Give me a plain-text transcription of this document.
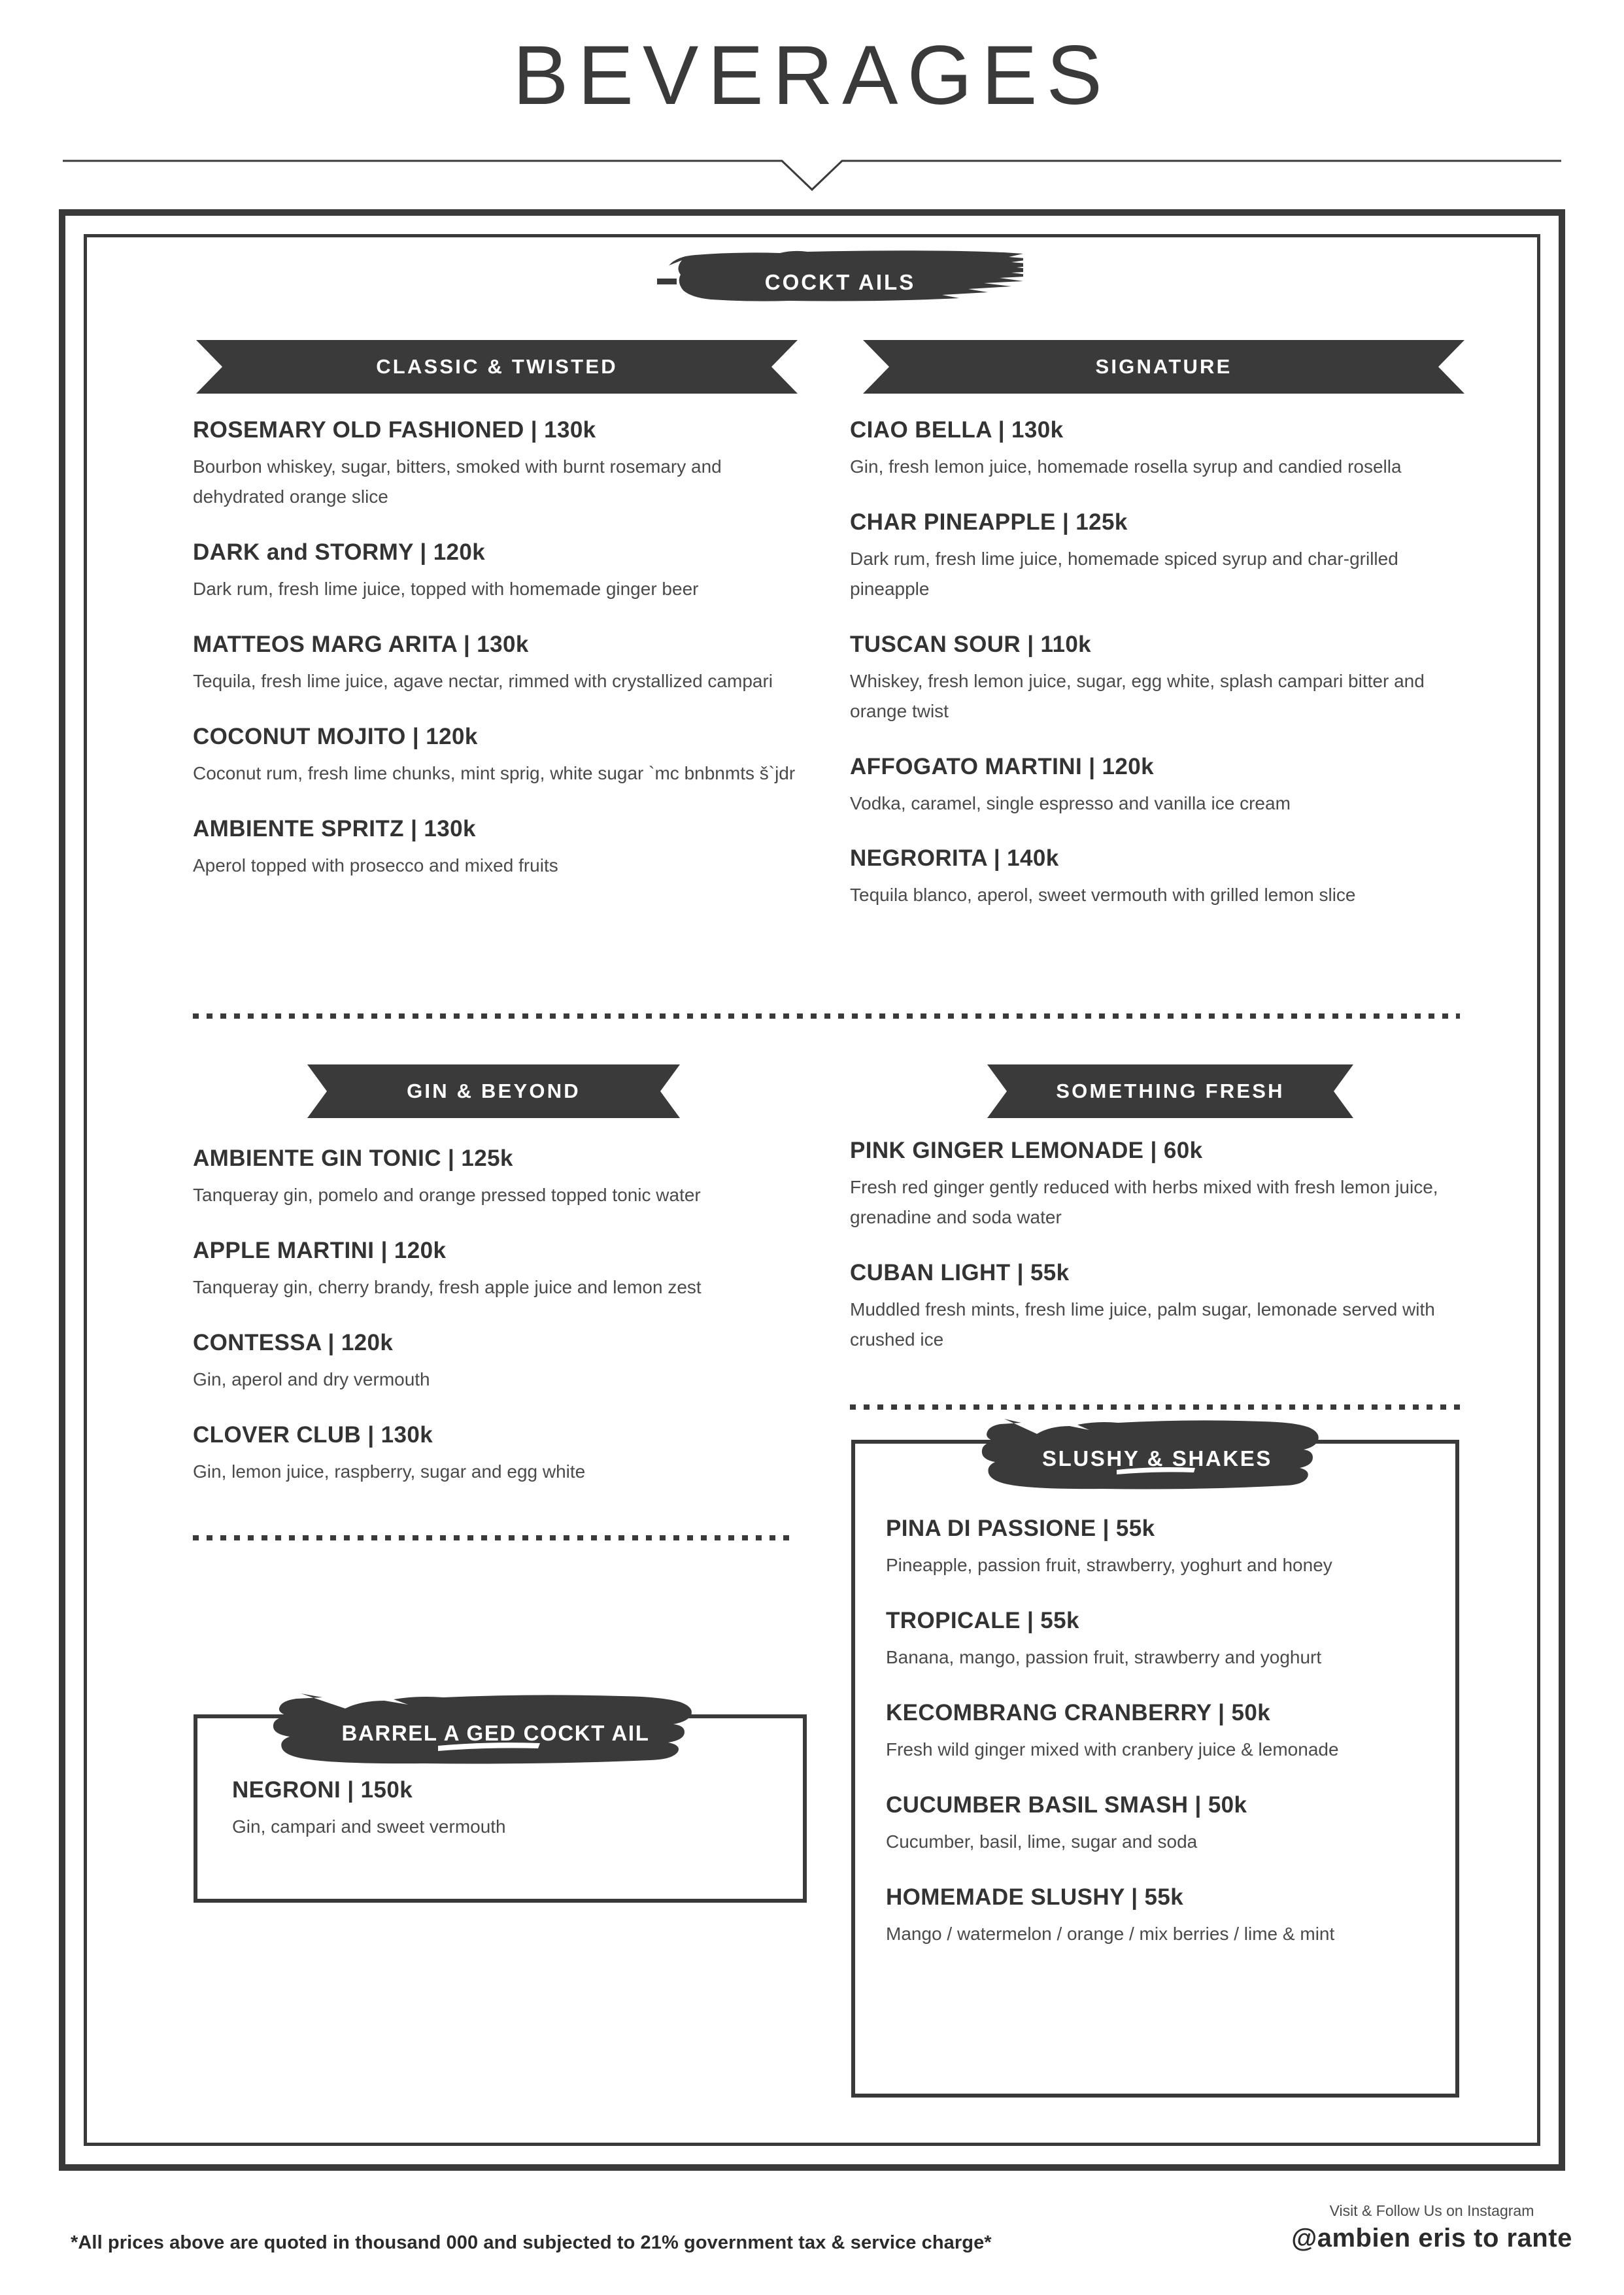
BEVERAGES
COCKT AILS
CLASSIC & TWISTED	SIGNATURE
ROSEMARY OLD FASHIONED | 130k
Bourbon whiskey, sugar, bitters, smoked with burnt rosemary and dehydrated orange slice
DARK and STORMY | 120k
Dark rum, fresh lime juice, topped with homemade ginger beer
MATTEOS MARG ARITA | 130k
Tequila, fresh lime juice, agave nectar, rimmed with crystallized campari
COCONUT MOJITO | 120k
Coconut rum, fresh lime chunks, mint sprig, white sugar `mc bnbnmts š`jdr
AMBIENTE SPRITZ | 130k
Aperol topped with prosecco and mixed fruits
CIAO BELLA | 130k
Gin, fresh lemon juice, homemade rosella syrup and candied rosella
CHAR PINEAPPLE | 125k
Dark rum, fresh lime juice, homemade spiced syrup and char-grilled pineapple
TUSCAN SOUR | 110k
Whiskey, fresh lemon juice, sugar, egg white, splash campari bitter and orange twist
AFFOGATO MARTINI | 120k
Vodka, caramel, single espresso and vanilla ice cream
NEGRORITA | 140k
Tequila blanco, aperol, sweet vermouth with grilled lemon slice
GIN & BEYOND	SOMETHING FRESH
AMBIENTE GIN TONIC | 125k
Tanqueray gin, pomelo and orange pressed topped tonic water
APPLE MARTINI | 120k
Tanqueray gin, cherry brandy, fresh apple juice and lemon zest
CONTESSA | 120k
Gin, aperol and dry vermouth
CLOVER CLUB | 130k
Gin, lemon juice, raspberry, sugar and egg white
PINK GINGER LEMONADE | 60k
Fresh red ginger gently reduced with herbs mixed with fresh lemon juice, grenadine and soda water
CUBAN LIGHT | 55k
Muddled fresh mints, fresh lime juice, palm sugar, lemonade served with crushed ice
SLUSHY & SHAKES
PINA DI PASSIONE | 55k
Pineapple, passion fruit, strawberry, yoghurt and honey
TROPICALE | 55k
Banana, mango, passion fruit, strawberry and yoghurt
KECOMBRANG CRANBERRY | 50k
Fresh wild ginger mixed with cranbery juice & lemonade
CUCUMBER BASIL SMASH | 50k
Cucumber, basil, lime, sugar and soda
HOMEMADE SLUSHY | 55k
Mango / watermelon / orange / mix berries / lime & mint
BARREL A GED COCKT AIL
NEGRONI | 150k
Gin, campari and sweet vermouth
*All prices above are quoted in thousand 000 and subjected to 21% government tax & service charge*
Visit & Follow Us on Instagram
@ambien eris to rante
